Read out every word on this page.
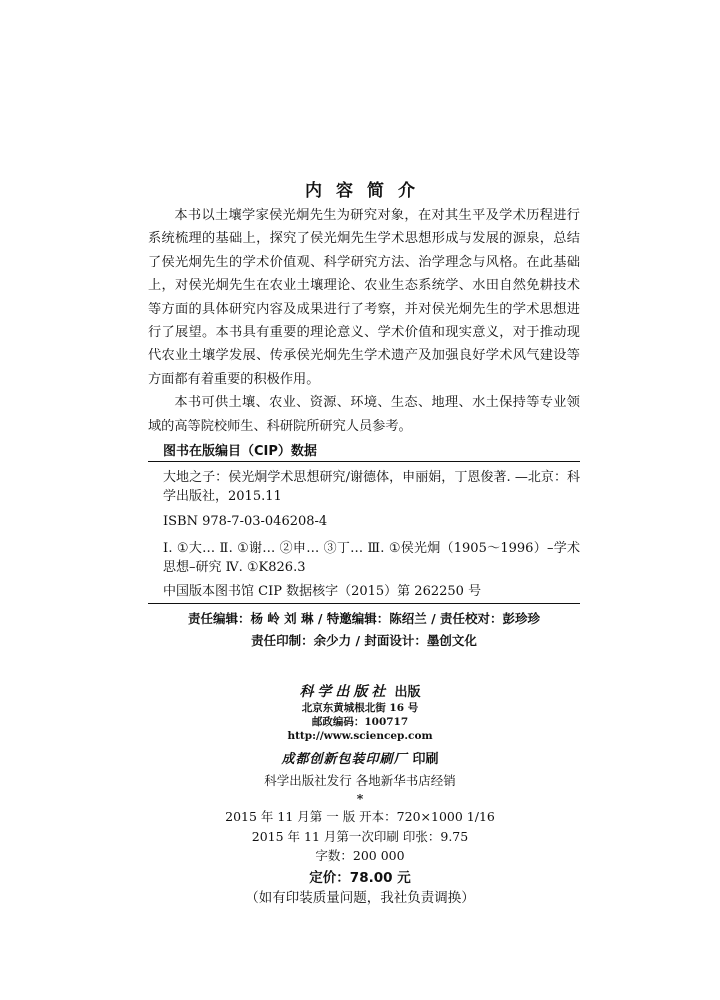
内容简介

本书以土壤学家侯光炯先生为研究对象，在对其生平及学术历程进行系统梳理的基础上，探究了侯光炯先生学术思想形成与发展的源泉，总结了侯光炯先生的学术价值观、科学研究方法、治学理念与风格。在此基础上，对侯光炯先生在农业土壤理论、农业生态系统学、水田自然免耕技术等方面的具体研究内容及成果进行了考察，并对侯光炯先生的学术思想进行了展望。本书具有重要的理论意义、学术价值和现实意义，对于推动现代农业土壤学发展、传承侯光炯先生学术遗产及加强良好学术风气建设等方面都有着重要的积极作用。

本书可供土壤、农业、资源、环境、生态、地理、水土保持等专业领域的高等院校师生、科研院所研究人员参考。

图书在版编目（CIP）数据

大地之子：侯光炯学术思想研究/谢德体，申丽娟，丁恩俊著. —北京：科学出版社，2015.11

ISBN 978-7-03-046208-4

Ⅰ. ①大… Ⅱ. ①谢… ②申… ③丁… Ⅲ. ①侯光炯（1905～1996）–学术思想–研究 Ⅳ. ①K826.3

中国版本图书馆 CIP 数据核字（2015）第 262250 号

责任编辑：杨 岭 刘 琳 / 特邀编辑：陈绍兰 / 责任校对：彭珍珍
责任印制：余少力 / 封面设计：墨创文化
科学出版社 出版
北京东黄城根北街 16 号
邮政编码：100717
http://www.sciencep.com
成都创新包装印刷厂 印刷
科学出版社发行 各地新华书店经销
*
2015 年 11 月第 一 版 开本：720×1000 1/16
2015 年 11 月第一次印刷 印张：9.75
字数：200 000
定价：78.00 元
（如有印装质量问题，我社负责调换）
